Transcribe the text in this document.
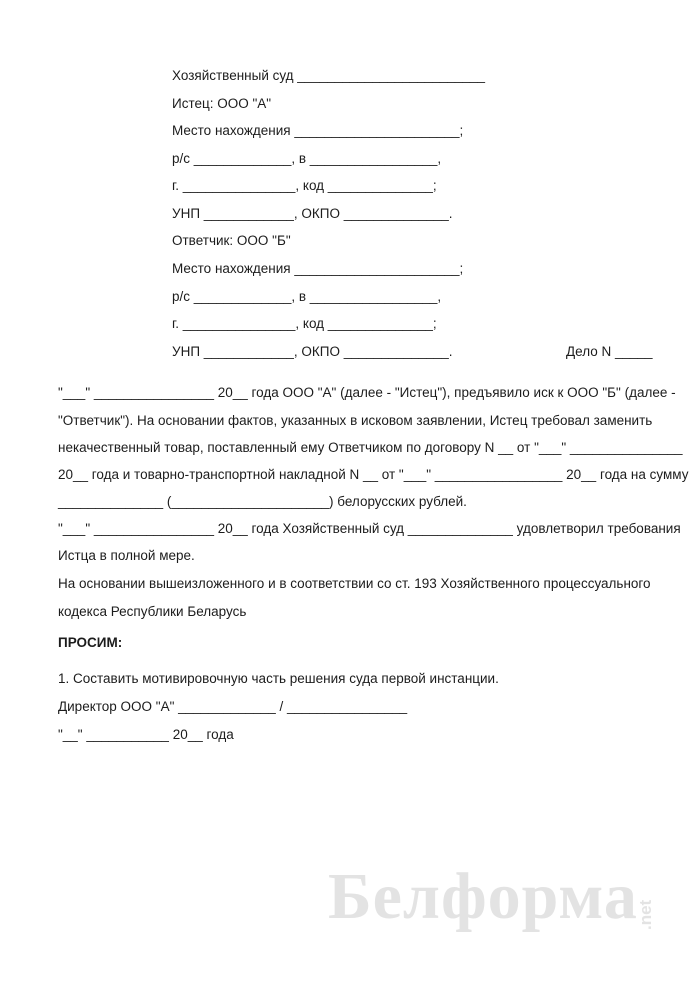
Хозяйственный суд _________________________
Истец: ООО "А"
Место нахождения ______________________;
р/с _____________, в _________________,
г. _______________, код ______________;
УНП ____________, ОКПО ______________.
Ответчик: ООО "Б"
Место нахождения ______________________;
р/с _____________, в _________________,
г. _______________, код ______________;
УНП ____________, ОКПО ______________.	Дело N _____
"___" ________________ 20__ года ООО "А" (далее - "Истец"), предъявило иск к ООО "Б" (далее -
"Ответчик"). На основании фактов, указанных в исковом заявлении, Истец требовал заменить
некачественный товар, поставленный ему Ответчиком по договору N __ от "___" _______________
20__ года и товарно-транспортной накладной N __ от "___" _________________ 20__ года на сумму
______________ (_____________________) белорусских рублей.
"___" ________________ 20__ года Хозяйственный суд ______________ удовлетворил требования
Истца в полной мере.
На основании вышеизложенного и в соответствии со ст. 193 Хозяйственного процессуального
кодекса Республики Беларусь
ПРОСИМ:
1. Составить мотивировочную часть решения суда первой инстанции.
Директор ООО "А" _____________ / ________________
"__" ___________ 20__ года
Белформа
.net
